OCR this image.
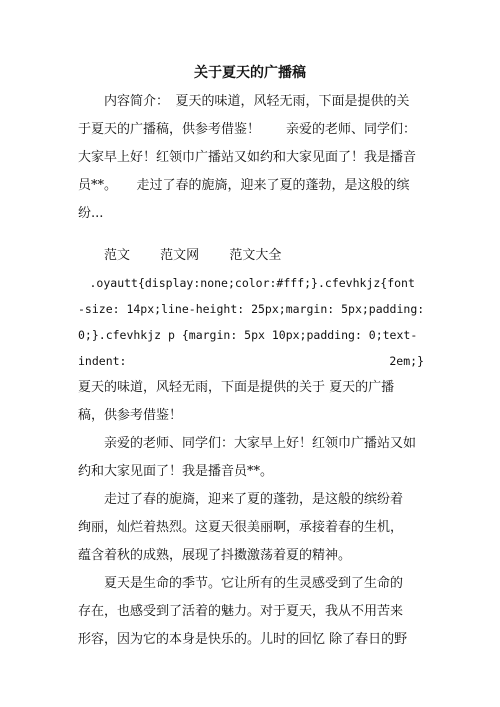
关于夏天的广播稿

　　内容简介：　夏天的味道，风轻无雨，下面是提供的关
于夏天的广播稿，供参考借鉴！　　亲爱的老师、同学们：
大家早上好！红领巾广播站又如约和大家见面了！我是播音
员**。　　走过了春的旎旖，迎来了夏的蓬勃，是这般的缤
纷...

范文 范文网 范文大全
　.oyautt{display:none;color:#fff;}.cfevhkjz{font
-size: 14px;line-height: 25px;margin: 5px;padding:
0;}.cfevhkjz p {margin: 5px 10px;padding: 0;text-
indent:	2em;}

夏天的味道，风轻无雨，下面是提供的关于 夏天的广播
稿，供参考借鉴！
　　亲爱的老师、同学们：大家早上好！红领巾广播站又如
约和大家见面了！我是播音员**。
　　走过了春的旎旖，迎来了夏的蓬勃，是这般的缤纷着
绚丽，灿烂着热烈。这夏天很美丽啊，承接着春的生机，
蕴含着秋的成熟，展现了抖擞激荡着夏的精神。
　　夏天是生命的季节。它让所有的生灵感受到了生命的
存在，也感受到了活着的魅力。对于夏天，我从不用苦来
形容，因为它的本身是快乐的。儿时的回忆 除了春日的野
